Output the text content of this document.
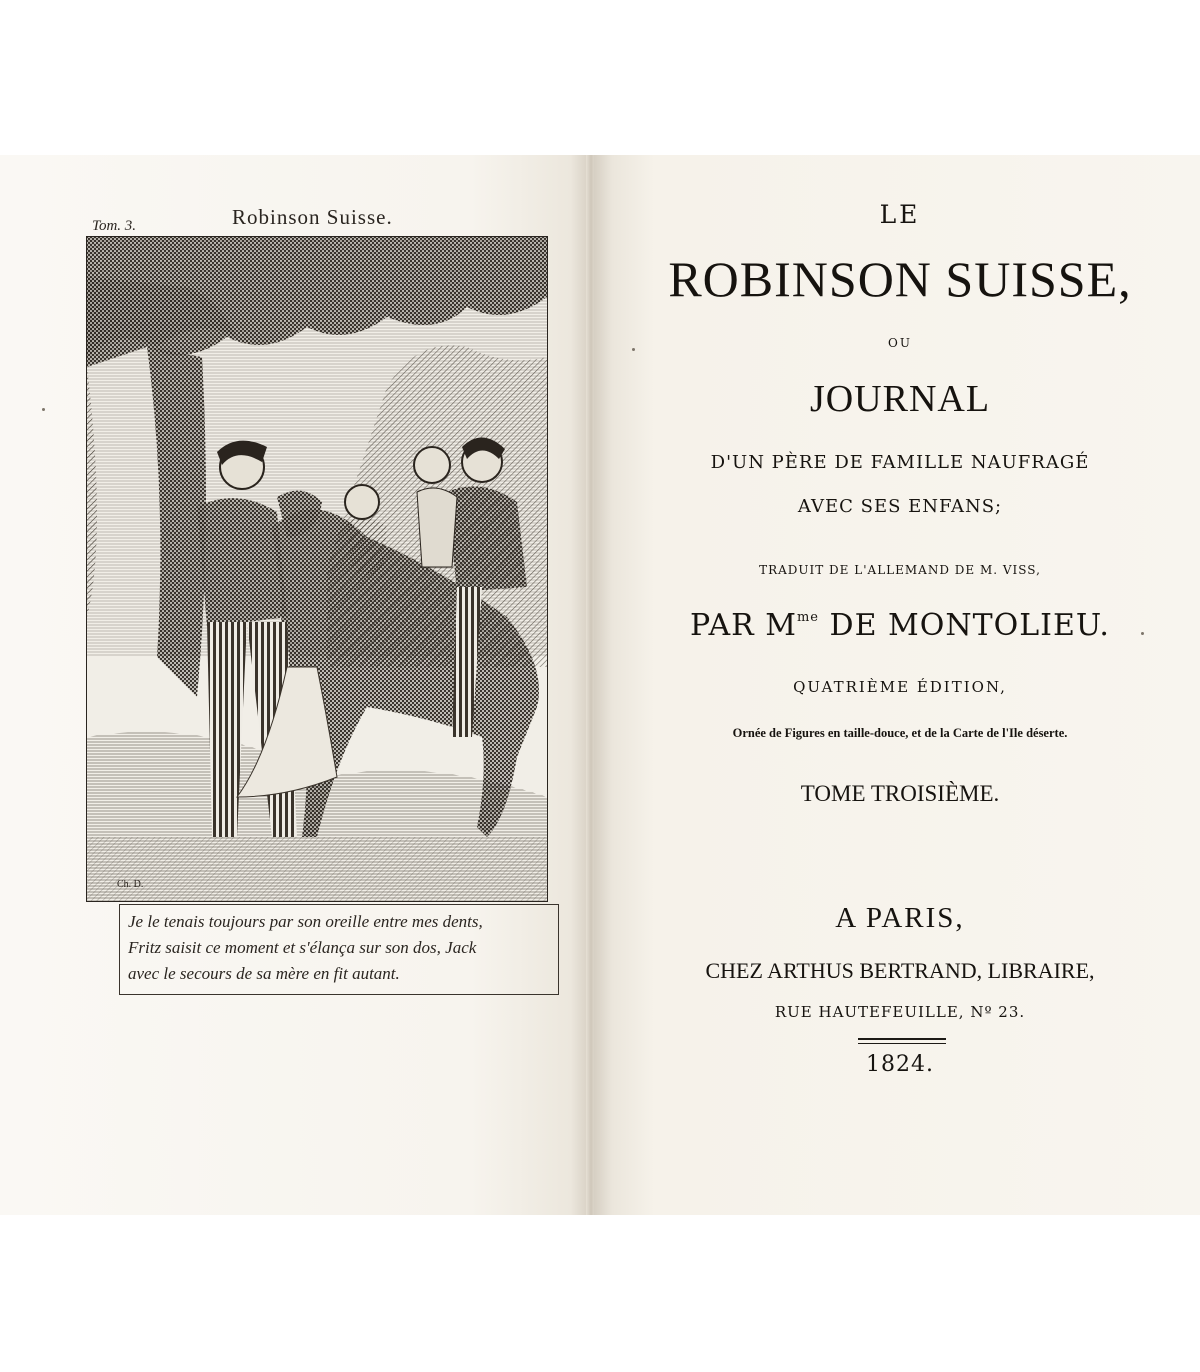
Tom. 3.	Robinson Suisse.
Ch. D.
Je le tenais toujours par son oreille entre mes dents,
Fritz saisit ce moment et s'élança sur son dos, Jack
avec le secours de sa mère en fit autant.
LE
ROBINSON SUISSE,
OU
JOURNAL
D'UN PÈRE DE FAMILLE NAUFRAGÉ
AVEC SES ENFANS;
TRADUIT DE L'ALLEMAND DE M. VISS,
PAR $M^{me}$ DE MONTOLIEU.
QUATRIÈME ÉDITION,
Ornée de Figures en taille-douce, et de la Carte de l'Ile déserte.
TOME TROISIÈME.
A PARIS,
CHEZ ARTHUS BERTRAND, LIBRAIRE,
RUE HAUTEFEUILLE, Nº 23.
1824.
